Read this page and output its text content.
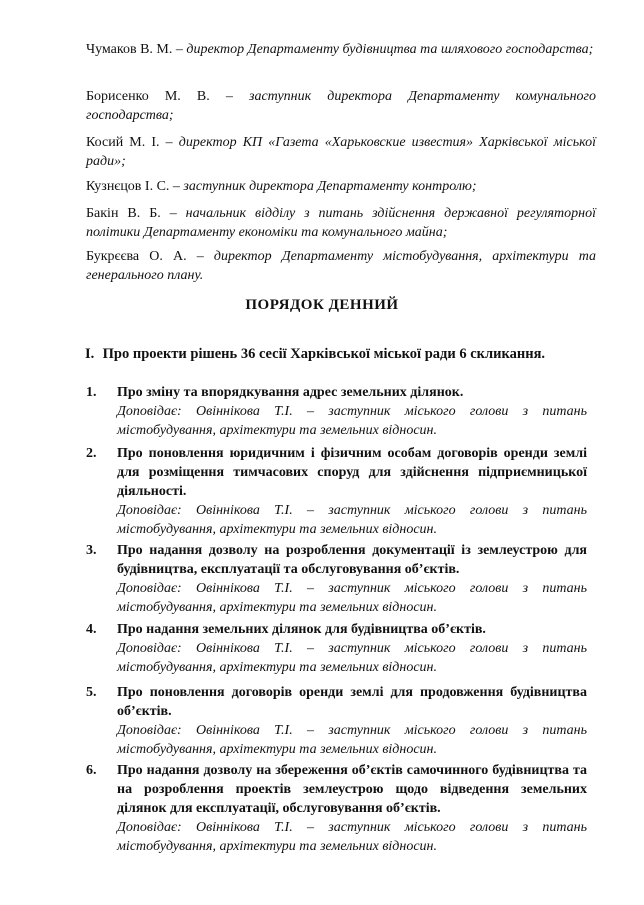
Чумаков В. М. – директор Департаменту будівництва та шляхового господарства;
Борисенко М. В. – заступник директора Департаменту комунального господарства;
Косий М. І. – директор КП «Газета «Харьковские известия» Харківської міської ради»;
Кузнєцов І. С. – заступник директора Департаменту контролю;
Бакін В. Б. – начальник відділу з питань здійснення державної регуляторної політики Департаменту економіки та комунального майна;
Букрєєва О. А. – директор Департаменту містобудування, архітектури та генерального плану.
ПОРЯДОК ДЕННИЙ
I. Про проекти рішень 36 сесії Харківської міської ради 6 скликання.
1. Про зміну та впорядкування адрес земельних ділянок.
Доповідає: Овіннікова Т.І. – заступник міського голови з питань містобудування, архітектури та земельних відносин.
2. Про поновлення юридичним і фізичним особам договорів оренди землі для розміщення тимчасових споруд для здійснення підприємницької діяльності.
Доповідає: Овіннікова Т.І. – заступник міського голови з питань містобудування, архітектури та земельних відносин.
3. Про надання дозволу на розроблення документації із землеустрою для будівництва, експлуатації та обслуговування об’єктів.
Доповідає: Овіннікова Т.І. – заступник міського голови з питань містобудування, архітектури та земельних відносин.
4. Про надання земельних ділянок для будівництва об’єктів.
Доповідає: Овіннікова Т.І. – заступник міського голови з питань містобудування, архітектури та земельних відносин.
5. Про поновлення договорів оренди землі для продовження будівництва об’єктів.
Доповідає: Овіннікова Т.І. – заступник міського голови з питань містобудування, архітектури та земельних відносин.
6. Про надання дозволу на збереження об’єктів самочинного будівництва та на розроблення проектів землеустрою щодо відведення земельних ділянок для експлуатації, обслуговування об’єктів.
Доповідає: Овіннікова Т.І. – заступник міського голови з питань містобудування, архітектури та земельних відносин.
